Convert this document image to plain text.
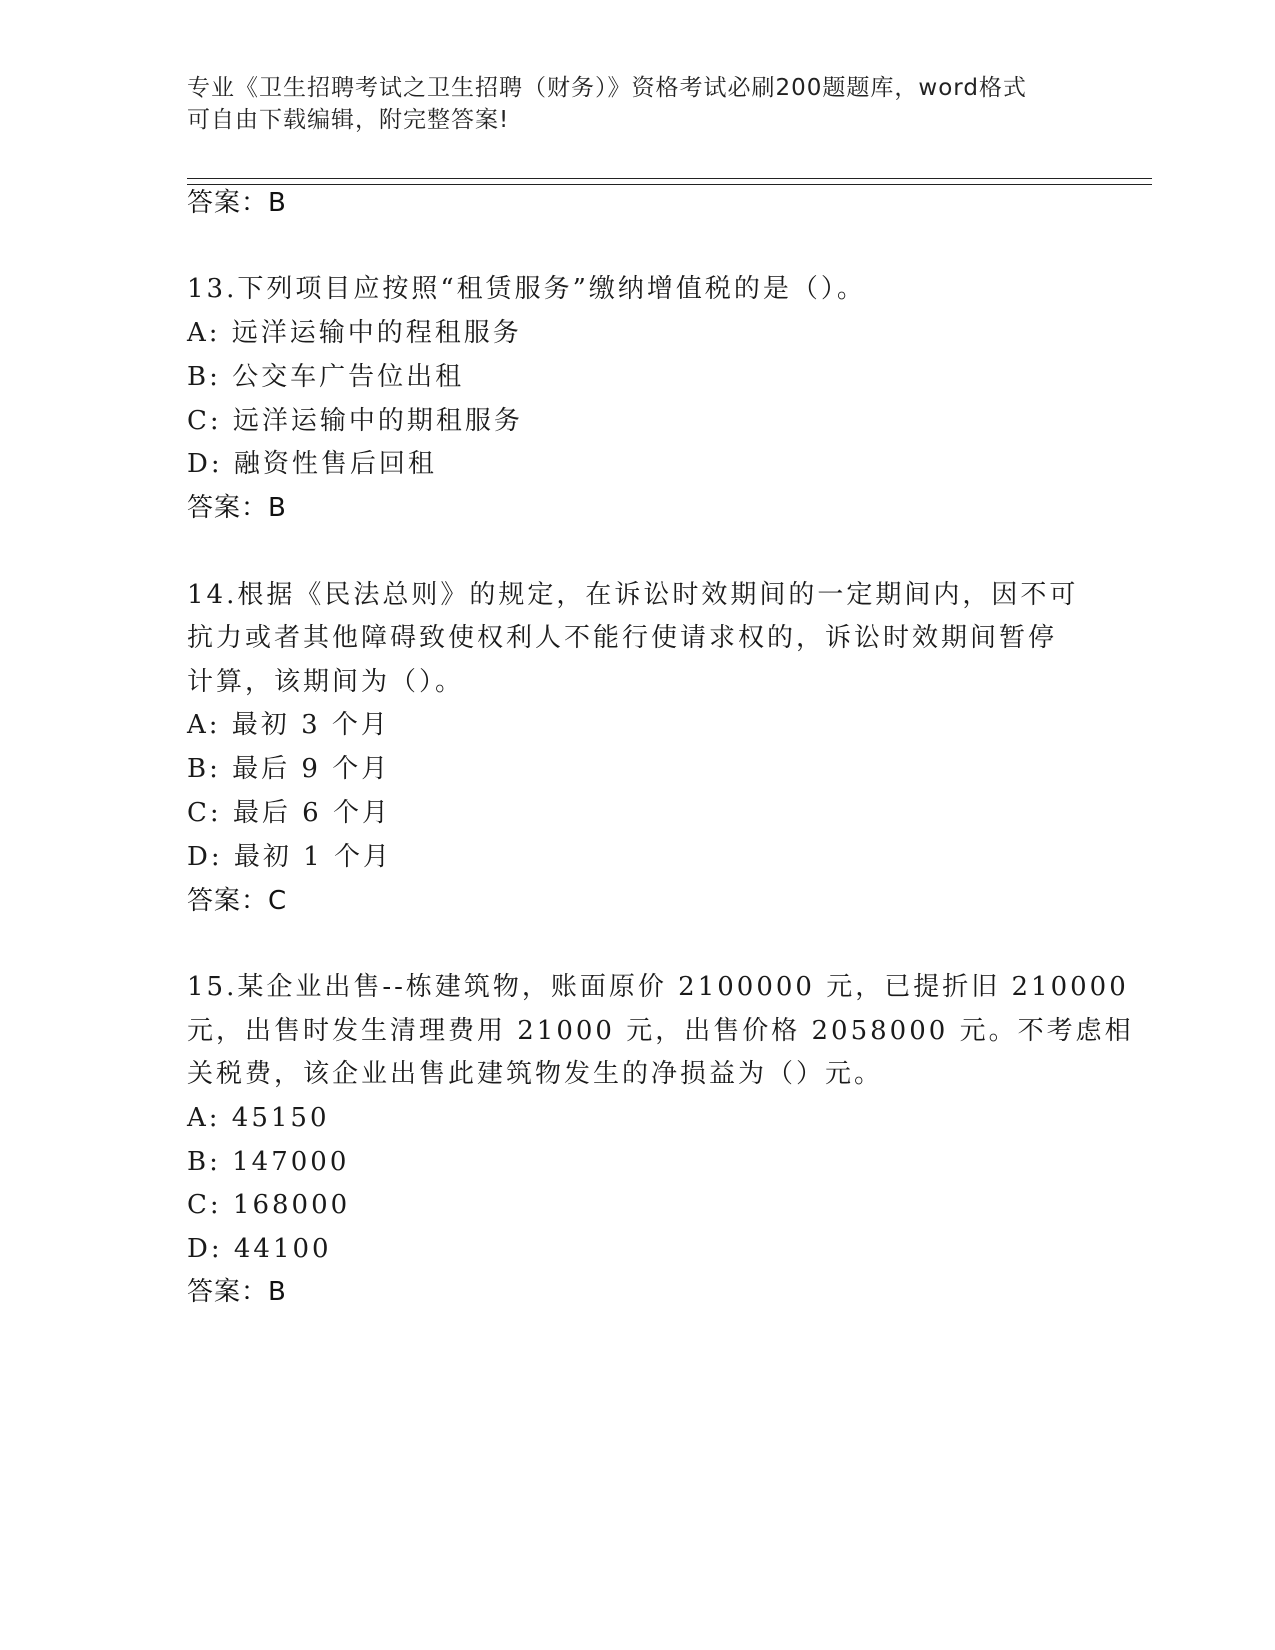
专业《卫生招聘考试之卫生招聘（财务）》资格考试必刷200题题库，word格式
可自由下载编辑，附完整答案!
答案：B
13.下列项目应按照“租赁服务”缴纳增值税的是（）。
A: 远洋运输中的程租服务
B: 公交车广告位出租
C: 远洋运输中的期租服务
D: 融资性售后回租
答案：B
14.根据《民法总则》的规定，在诉讼时效期间的一定期间内，因不可
抗力或者其他障碍致使权利人不能行使请求权的，诉讼时效期间暂停
计算，该期间为（）。
A: 最初 3 个月
B: 最后 9 个月
C: 最后 6 个月
D: 最初 1 个月
答案：C
15.某企业出售--栋建筑物，账面原价 2100000 元，已提折旧 210000
元，出售时发生清理费用 21000 元，出售价格 2058000 元。不考虑相
关税费，该企业出售此建筑物发生的净损益为（）元。
A: 45150
B: 147000
C: 168000
D: 44100
答案：B
